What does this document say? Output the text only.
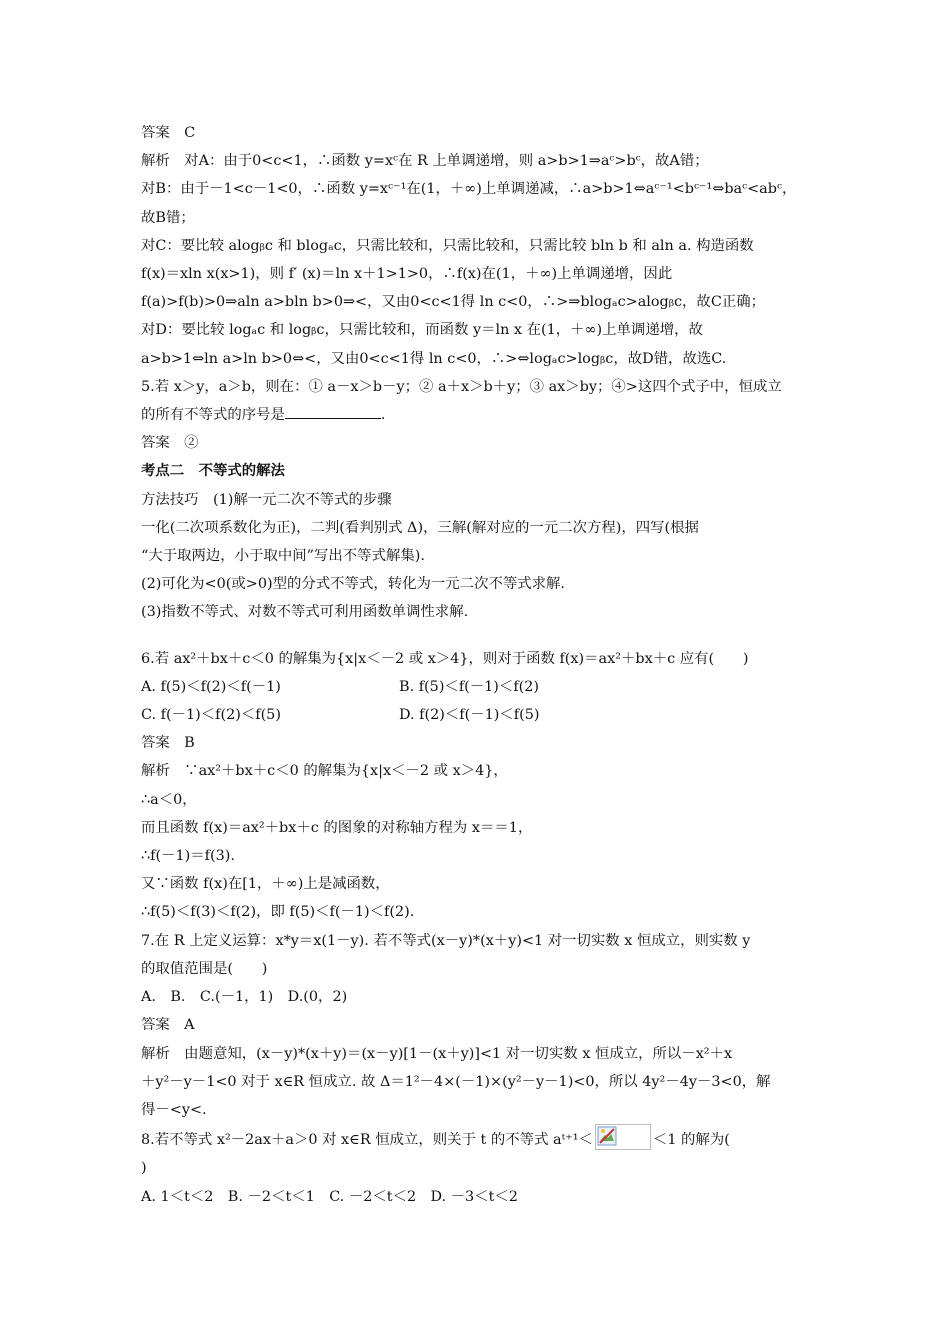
答案　C
解析　对A：由于0<c<1，∴函数 y=xᶜ在 R 上单调递增，则 a>b>1⇒aᶜ>bᶜ，故A错；
对B：由于－1<c－1<0，∴函数 y=xᶜ⁻¹在(1，＋∞)上单调递减，∴a>b>1⇔aᶜ⁻¹<bᶜ⁻¹⇔baᶜ<abᶜ，
故B错；
对C：要比较 alogᵦc 和 blogₐc，只需比较和，只需比较和，只需比较 bln b 和 aln a. 构造函数
f(x)＝xln x(x>1)，则 f′ (x)＝ln x＋1>1>0，∴f(x)在(1，＋∞)上单调递增，因此
f(a)>f(b)>0⇒aln a>bln b>0⇒<，又由0<c<1得 ln c<0，∴>⇒blogₐc>alogᵦc，故C正确；
对D：要比较 logₐc 和 logᵦc，只需比较和，而函数 y＝ln x 在(1，＋∞)上单调递增，故
a>b>1⇔ln a>ln b>0⇔<，又由0<c<1得 ln c<0，∴>⇔logₐc>logᵦc，故D错，故选C.
5.若 x＞y，a＞b，则在：① a－x＞b－y；② a＋x＞b＋y；③ ax＞by；④>这四个式子中，恒成立
的所有不等式的序号是	.
答案　②
考点二　不等式的解法
方法技巧　(1)解一元二次不等式的步骤
一化(二次项系数化为正)，二判(看判别式 Δ)，三解(解对应的一元二次方程)，四写(根据
“大于取两边，小于取中间”写出不等式解集).
(2)可化为<0(或>0)型的分式不等式，转化为一元二次不等式求解.
(3)指数不等式、对数不等式可利用函数单调性求解.
6.若 ax²＋bx＋c＜0 的解集为{x|x＜－2 或 x＞4}，则对于函数 f(x)＝ax²＋bx＋c 应有(　　)
A. f(5)＜f(2)＜f(－1)	B. f(5)＜f(－1)＜f(2)
C. f(－1)＜f(2)＜f(5)	D. f(2)＜f(－1)＜f(5)
答案　B
解析　∵ax²＋bx＋c＜0 的解集为{x|x＜－2 或 x＞4}，
∴a＜0，
而且函数 f(x)＝ax²＋bx＋c 的图象的对称轴方程为 x＝＝1，
∴f(－1)＝f(3).
又∵函数 f(x)在[1，＋∞)上是减函数，
∴f(5)＜f(3)＜f(2)，即 f(5)＜f(－1)＜f(2).
7.在 R 上定义运算：x*y＝x(1－y). 若不等式(x－y)*(x＋y)<1 对一切实数 x 恒成立，则实数 y
的取值范围是(　　)
A.　B.　C.(－1，1)　D.(0，2)
答案　A
解析　由题意知，(x－y)*(x＋y)＝(x－y)[1－(x＋y)]<1 对一切实数 x 恒成立，所以－x²＋x
＋y²－y－1<0 对于 x∈R 恒成立. 故 Δ＝1²－4×(－1)×(y²－y－1)<0，所以 4y²－4y－3<0，解
得－<y<.
8.若不等式 x²－2ax＋a＞0 对 x∈R 恒成立，则关于 t 的不等式 aᵗ⁺¹＜	＜1 的解为(
)
A. 1＜t＜2　B. －2＜t＜1　C. －2＜t＜2　D. －3＜t＜2
